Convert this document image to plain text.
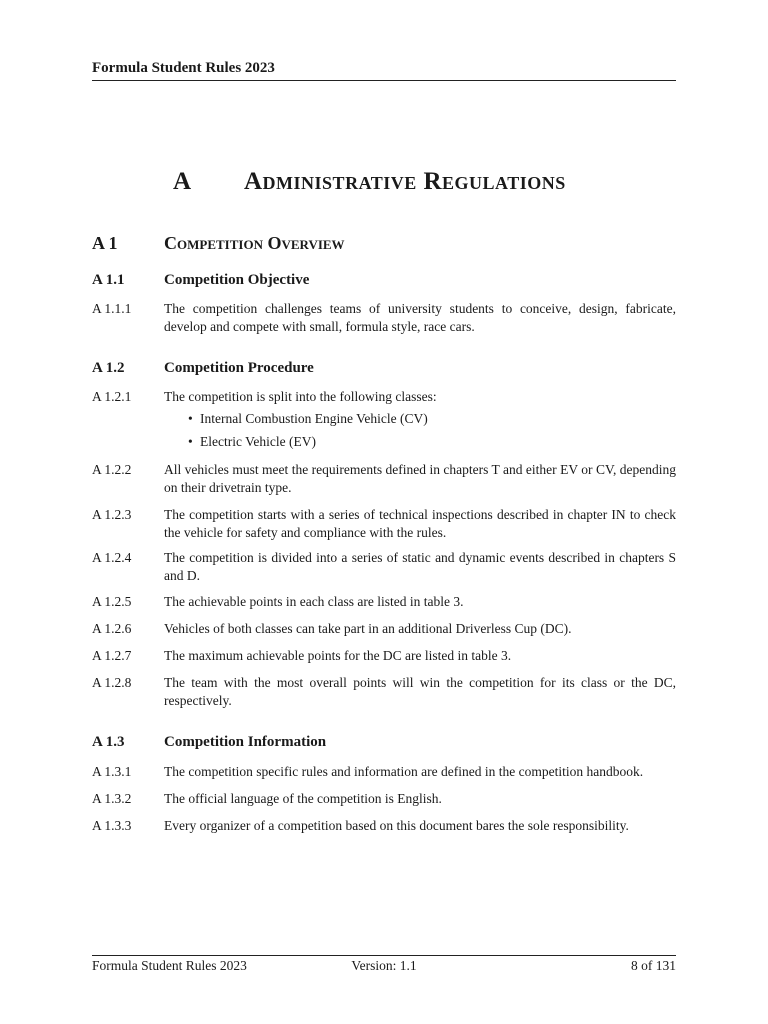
Formula Student Rules 2023
A Administrative Regulations
A 1	Competition Overview
A 1.1	Competition Objective
A 1.1.1	The competition challenges teams of university students to conceive, design, fabricate, develop and compete with small, formula style, race cars.
A 1.2	Competition Procedure
A 1.2.1	The competition is split into the following classes:
• Internal Combustion Engine Vehicle (CV)
• Electric Vehicle (EV)
A 1.2.2	All vehicles must meet the requirements defined in chapters T and either EV or CV, depending on their drivetrain type.
A 1.2.3	The competition starts with a series of technical inspections described in chapter IN to check the vehicle for safety and compliance with the rules.
A 1.2.4	The competition is divided into a series of static and dynamic events described in chapters S and D.
A 1.2.5	The achievable points in each class are listed in table 3.
A 1.2.6	Vehicles of both classes can take part in an additional Driverless Cup (DC).
A 1.2.7	The maximum achievable points for the DC are listed in table 3.
A 1.2.8	The team with the most overall points will win the competition for its class or the DC, respectively.
A 1.3	Competition Information
A 1.3.1	The competition specific rules and information are defined in the competition handbook.
A 1.3.2	The official language of the competition is English.
A 1.3.3	Every organizer of a competition based on this document bares the sole responsibility.
Formula Student Rules 2023	Version: 1.1	8 of 131
